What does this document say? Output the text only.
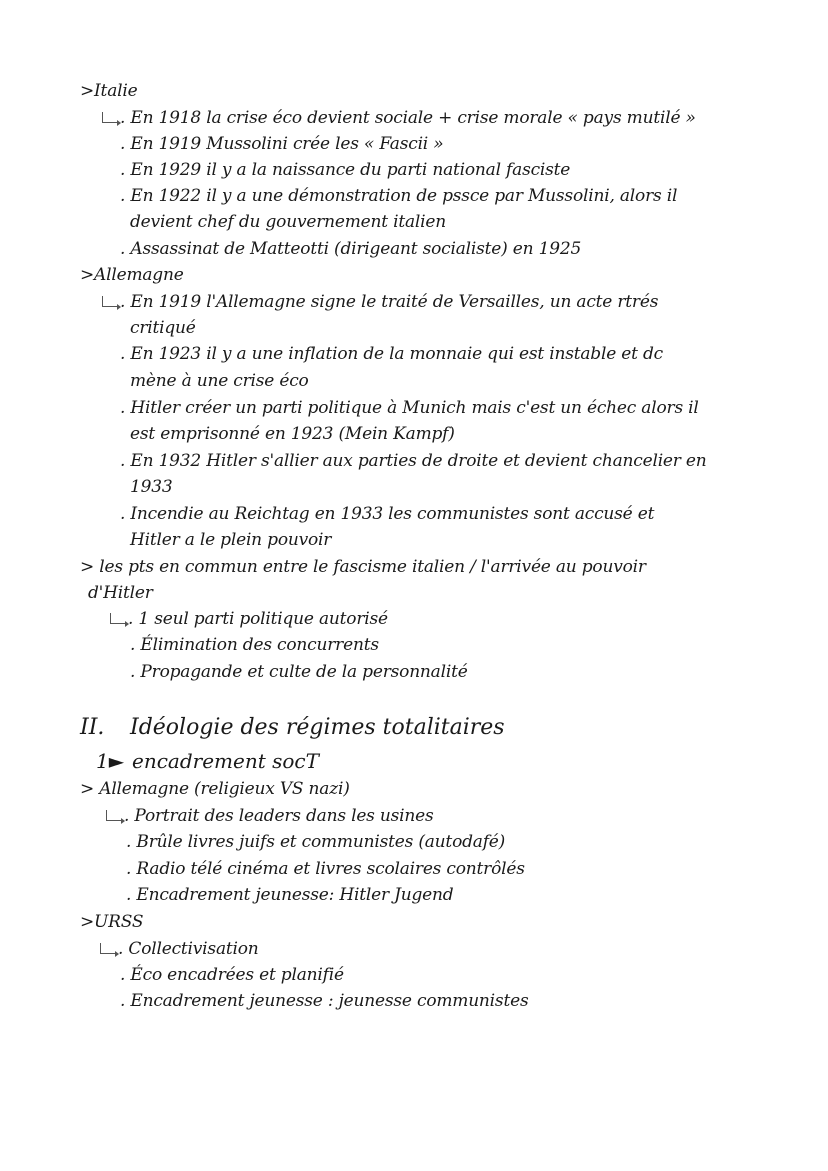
>Italie
. En 1918 la crise éco devient sociale + crise morale « pays mutilé »
. En 1919 Mussolini crée les « Fascii »
. En 1929 il y a la naissance du parti national fasciste
. En 1922 il y a une démonstration de pssce par Mussolini, alors il
devient chef du gouvernement italien
. Assassinat de Matteotti (dirigeant socialiste) en 1925
>Allemagne
. En 1919 l'Allemagne signe le traité de Versailles, un acte rtrés
critiqué
. En 1923 il y a une inflation de la monnaie qui est instable et dc
mène à une crise éco
. Hitler créer un parti politique à Munich mais c'est un échec alors il
est emprisonné en 1923 (Mein Kampf)
. En 1932 Hitler s'allier aux parties de droite et devient chancelier en
1933
. Incendie au Reichtag en 1933 les communistes sont accusé et
Hitler a le plein pouvoir
> les pts en commun entre le fascisme italien / l'arrivée au pouvoir
d'Hitler
. 1 seul parti politique autorisé
. Élimination des concurrents
. Propagande et culte de la personnalité
II. Idéologie des régimes totalitaires
1► encadrement socT
> Allemagne (religieux VS nazi)
. Portrait des leaders dans les usines
. Brûle livres juifs et communistes (autodafé)
. Radio télé cinéma et livres scolaires contrôlés
. Encadrement jeunesse: Hitler Jugend
>URSS
. Collectivisation
. Éco encadrées et planifié
. Encadrement jeunesse : jeunesse communistes
